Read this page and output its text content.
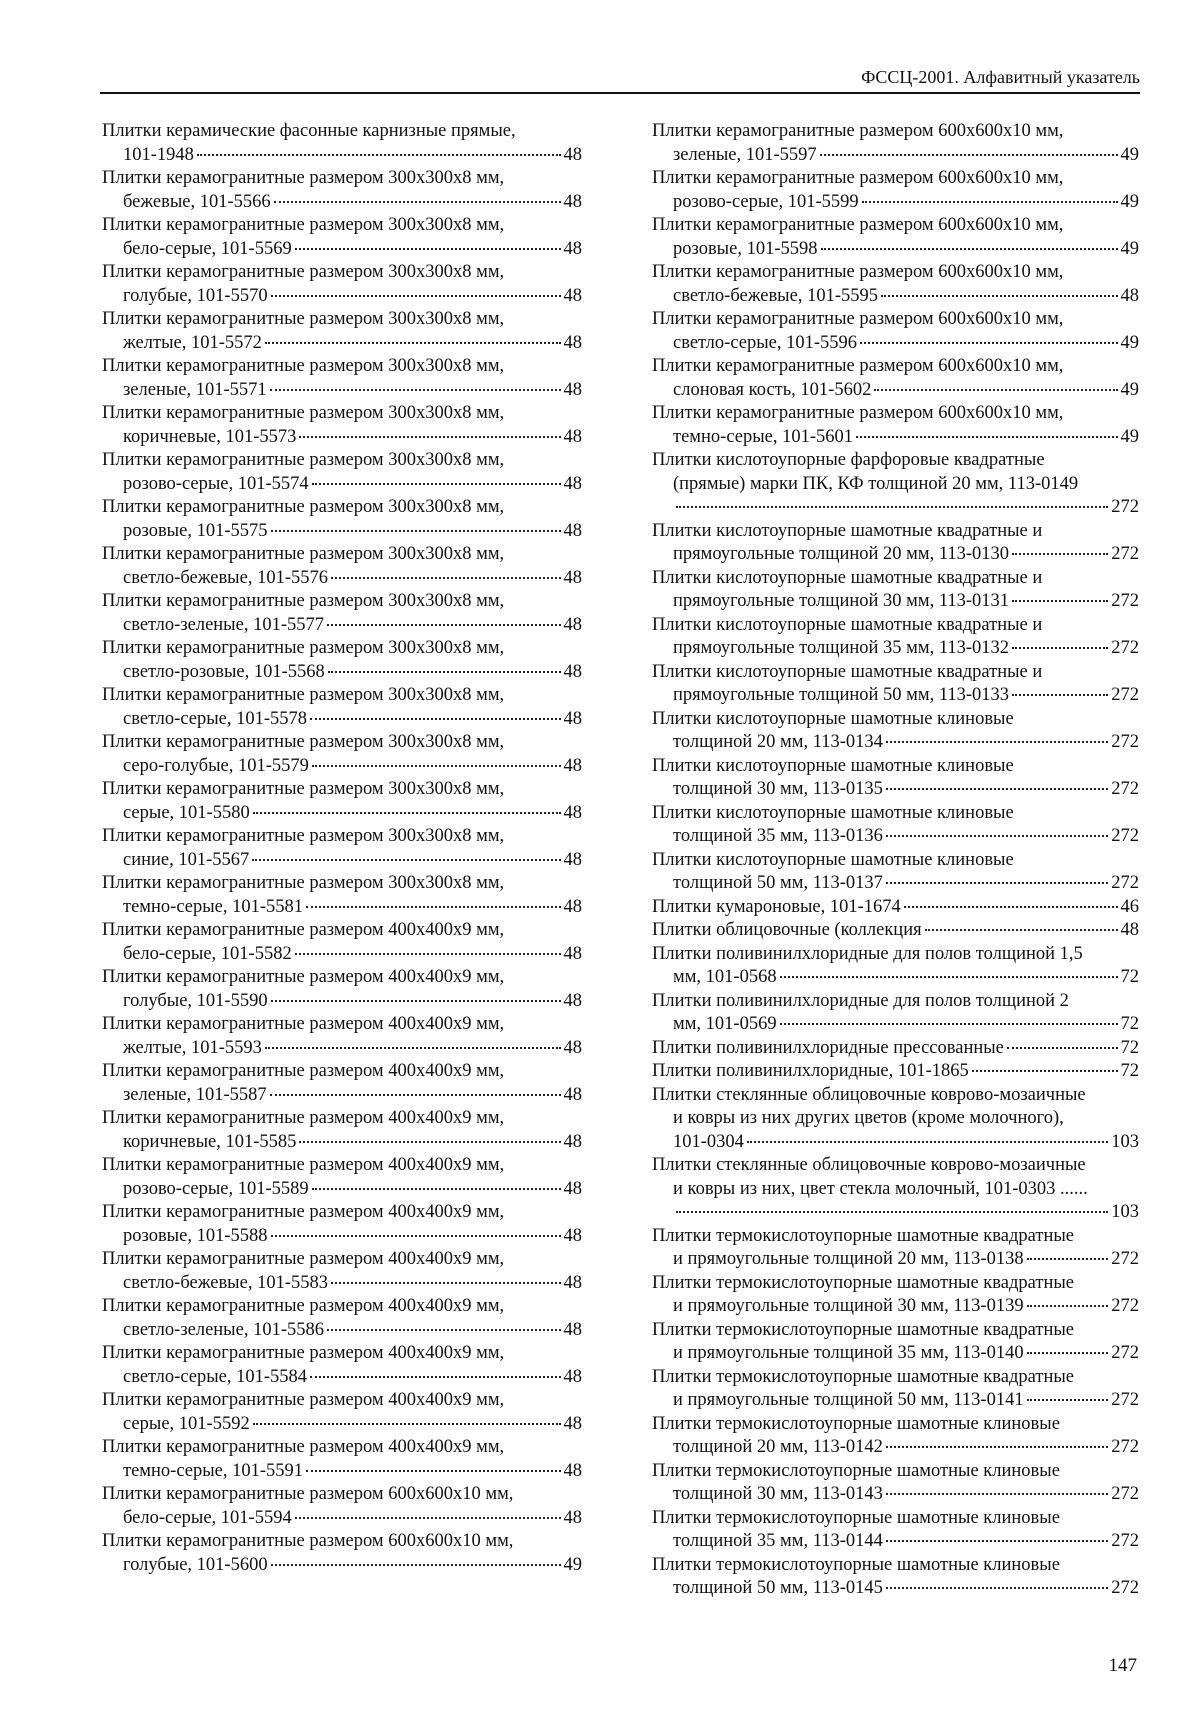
ФССЦ-2001. Алфавитный указатель
Плитки керамические фасонные карнизные прямые,
101-1948	48
Плитки керамогранитные размером 300x300x8 мм,
бежевые, 101-5566	48
Плитки керамогранитные размером 300x300x8 мм,
бело-серые, 101-5569	48
Плитки керамогранитные размером 300x300x8 мм,
голубые, 101-5570	48
Плитки керамогранитные размером 300x300x8 мм,
желтые, 101-5572	48
Плитки керамогранитные размером 300x300x8 мм,
зеленые, 101-5571	48
Плитки керамогранитные размером 300x300x8 мм,
коричневые, 101-5573	48
Плитки керамогранитные размером 300x300x8 мм,
розово-серые, 101-5574	48
Плитки керамогранитные размером 300x300x8 мм,
розовые, 101-5575	48
Плитки керамогранитные размером 300x300x8 мм,
светло-бежевые, 101-5576	48
Плитки керамогранитные размером 300x300x8 мм,
светло-зеленые, 101-5577	48
Плитки керамогранитные размером 300x300x8 мм,
светло-розовые, 101-5568	48
Плитки керамогранитные размером 300x300x8 мм,
светло-серые, 101-5578	48
Плитки керамогранитные размером 300x300x8 мм,
серо-голубые, 101-5579	48
Плитки керамогранитные размером 300x300x8 мм,
серые, 101-5580	48
Плитки керамогранитные размером 300x300x8 мм,
синие, 101-5567	48
Плитки керамогранитные размером 300x300x8 мм,
темно-серые, 101-5581	48
Плитки керамогранитные размером 400x400x9 мм,
бело-серые, 101-5582	48
Плитки керамогранитные размером 400x400x9 мм,
голубые, 101-5590	48
Плитки керамогранитные размером 400x400x9 мм,
желтые, 101-5593	48
Плитки керамогранитные размером 400x400x9 мм,
зеленые, 101-5587	48
Плитки керамогранитные размером 400x400x9 мм,
коричневые, 101-5585	48
Плитки керамогранитные размером 400x400x9 мм,
розово-серые, 101-5589	48
Плитки керамогранитные размером 400x400x9 мм,
розовые, 101-5588	48
Плитки керамогранитные размером 400x400x9 мм,
светло-бежевые, 101-5583	48
Плитки керамогранитные размером 400x400x9 мм,
светло-зеленые, 101-5586	48
Плитки керамогранитные размером 400x400x9 мм,
светло-серые, 101-5584	48
Плитки керамогранитные размером 400x400x9 мм,
серые, 101-5592	48
Плитки керамогранитные размером 400x400x9 мм,
темно-серые, 101-5591	48
Плитки керамогранитные размером 600x600x10 мм,
бело-серые, 101-5594	48
Плитки керамогранитные размером 600x600x10 мм,
голубые, 101-5600	49
Плитки керамогранитные размером 600x600x10 мм,
зеленые, 101-5597	49
Плитки керамогранитные размером 600x600x10 мм,
розово-серые, 101-5599	49
Плитки керамогранитные размером 600x600x10 мм,
розовые, 101-5598	49
Плитки керамогранитные размером 600x600x10 мм,
светло-бежевые, 101-5595	48
Плитки керамогранитные размером 600x600x10 мм,
светло-серые, 101-5596	49
Плитки керамогранитные размером 600x600x10 мм,
слоновая кость, 101-5602	49
Плитки керамогранитные размером 600x600x10 мм,
темно-серые, 101-5601	49
Плитки кислотоупорные фарфоровые квадратные
(прямые) марки ПК, КФ толщиной 20 мм, 113-0149
272
Плитки кислотоупорные шамотные квадратные и
прямоугольные толщиной 20 мм, 113-0130	272
Плитки кислотоупорные шамотные квадратные и
прямоугольные толщиной 30 мм, 113-0131	272
Плитки кислотоупорные шамотные квадратные и
прямоугольные толщиной 35 мм, 113-0132	272
Плитки кислотоупорные шамотные квадратные и
прямоугольные толщиной 50 мм, 113-0133	272
Плитки кислотоупорные шамотные клиновые
толщиной 20 мм, 113-0134	272
Плитки кислотоупорные шамотные клиновые
толщиной 30 мм, 113-0135	272
Плитки кислотоупорные шамотные клиновые
толщиной 35 мм, 113-0136	272
Плитки кислотоупорные шамотные клиновые
толщиной 50 мм, 113-0137	272
Плитки кумароновые, 101-1674	46
Плитки облицовочные (коллекция	48
Плитки поливинилхлоридные для полов толщиной 1,5
мм, 101-0568	72
Плитки поливинилхлоридные для полов толщиной 2
мм, 101-0569	72
Плитки поливинилхлоридные прессованные	72
Плитки поливинилхлоридные, 101-1865	72
Плитки стеклянные облицовочные ковровo-мозаичные
и ковры из них других цветов (кроме молочного),
101-0304	103
Плитки стеклянные облицовочные ковровo-мозаичные
и ковры из них, цвет стекла молочный, 101-0303 ......
103
Плитки термокислотоупорные шамотные квадратные
и прямоугольные толщиной 20 мм, 113-0138	272
Плитки термокислотоупорные шамотные квадратные
и прямоугольные толщиной 30 мм, 113-0139	272
Плитки термокислотоупорные шамотные квадратные
и прямоугольные толщиной 35 мм, 113-0140	272
Плитки термокислотоупорные шамотные квадратные
и прямоугольные толщиной 50 мм, 113-0141	272
Плитки термокислотоупорные шамотные клиновые
толщиной 20 мм, 113-0142	272
Плитки термокислотоупорные шамотные клиновые
толщиной 30 мм, 113-0143	272
Плитки термокислотоупорные шамотные клиновые
толщиной 35 мм, 113-0144	272
Плитки термокислотоупорные шамотные клиновые
толщиной 50 мм, 113-0145	272
147
